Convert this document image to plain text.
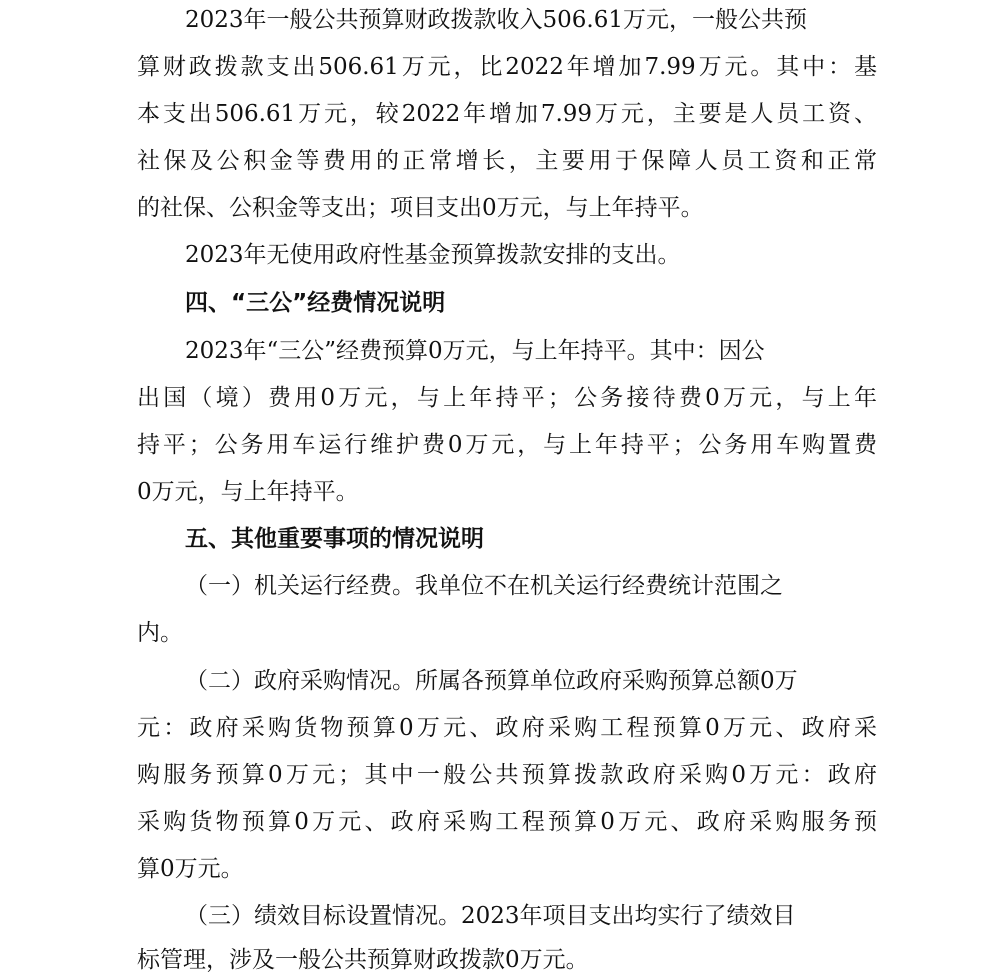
2023年一般公共预算财政拨款收入506.61万元，一般公共预
算财政拨款支出506.61万元，比2022年增加7.99万元。其中：基
本支出506.61万元，较2022年增加7.99万元，主要是人员工资、
社保及公积金等费用的正常增长，主要用于保障人员工资和正常
的社保、公积金等支出；项目支出0万元，与上年持平。
2023年无使用政府性基金预算拨款安排的支出。
四、“三公”经费情况说明
2023年“三公”经费预算0万元，与上年持平。其中：因公
出国（境）费用0万元，与上年持平；公务接待费0万元，与上年
持平；公务用车运行维护费0万元，与上年持平；公务用车购置费
0万元，与上年持平。
五、其他重要事项的情况说明
（一）机关运行经费。我单位不在机关运行经费统计范围之
内。
（二）政府采购情况。所属各预算单位政府采购预算总额0万
元：政府采购货物预算0万元、政府采购工程预算0万元、政府采
购服务预算0万元；其中一般公共预算拨款政府采购0万元：政府
采购货物预算0万元、政府采购工程预算0万元、政府采购服务预
算0万元。
（三）绩效目标设置情况。2023年项目支出均实行了绩效目
标管理，涉及一般公共预算财政拨款0万元。
